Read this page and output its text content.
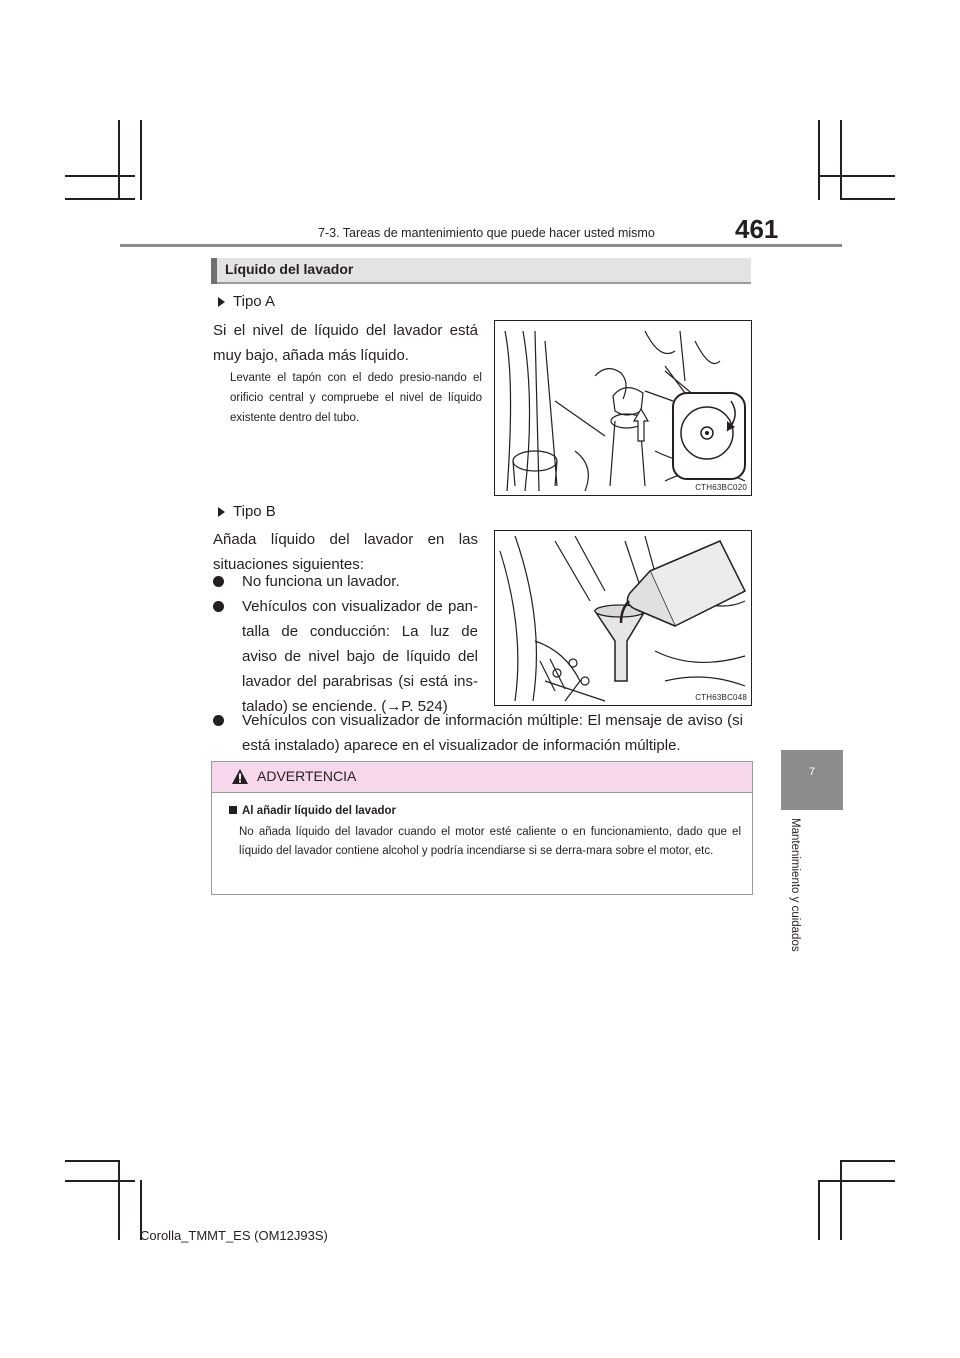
7-3. Tareas de mantenimiento que puede hacer usted mismo	461
Líquido del lavador
Tipo A
Si el nivel de líquido del lavador está muy bajo, añada más líquido.
Levante el tapón con el dedo presio-nando el orificio central y compruebe el nivel de líquido existente dentro del tubo.
CTH63BC020
Tipo B
Añada líquido del lavador en las situaciones siguientes:
No funciona un lavador.
Vehículos con visualizador de pan-talla de conducción: La luz de aviso de nivel bajo de líquido del lavador del parabrisas (si está ins-talado) se enciende. (→P. 524)
Vehículos con visualizador de información múltiple: El mensaje de aviso (si está instalado) aparece en el visualizador de información múltiple.
CTH63BC048
ADVERTENCIA
Al añadir líquido del lavador
No añada líquido del lavador cuando el motor esté caliente o en funcionamiento, dado que el líquido del lavador contiene alcohol y podría incendiarse si se derra-mara sobre el motor, etc.
7
Mantenimiento y cuidados
Corolla_TMMT_ES (OM12J93S)
